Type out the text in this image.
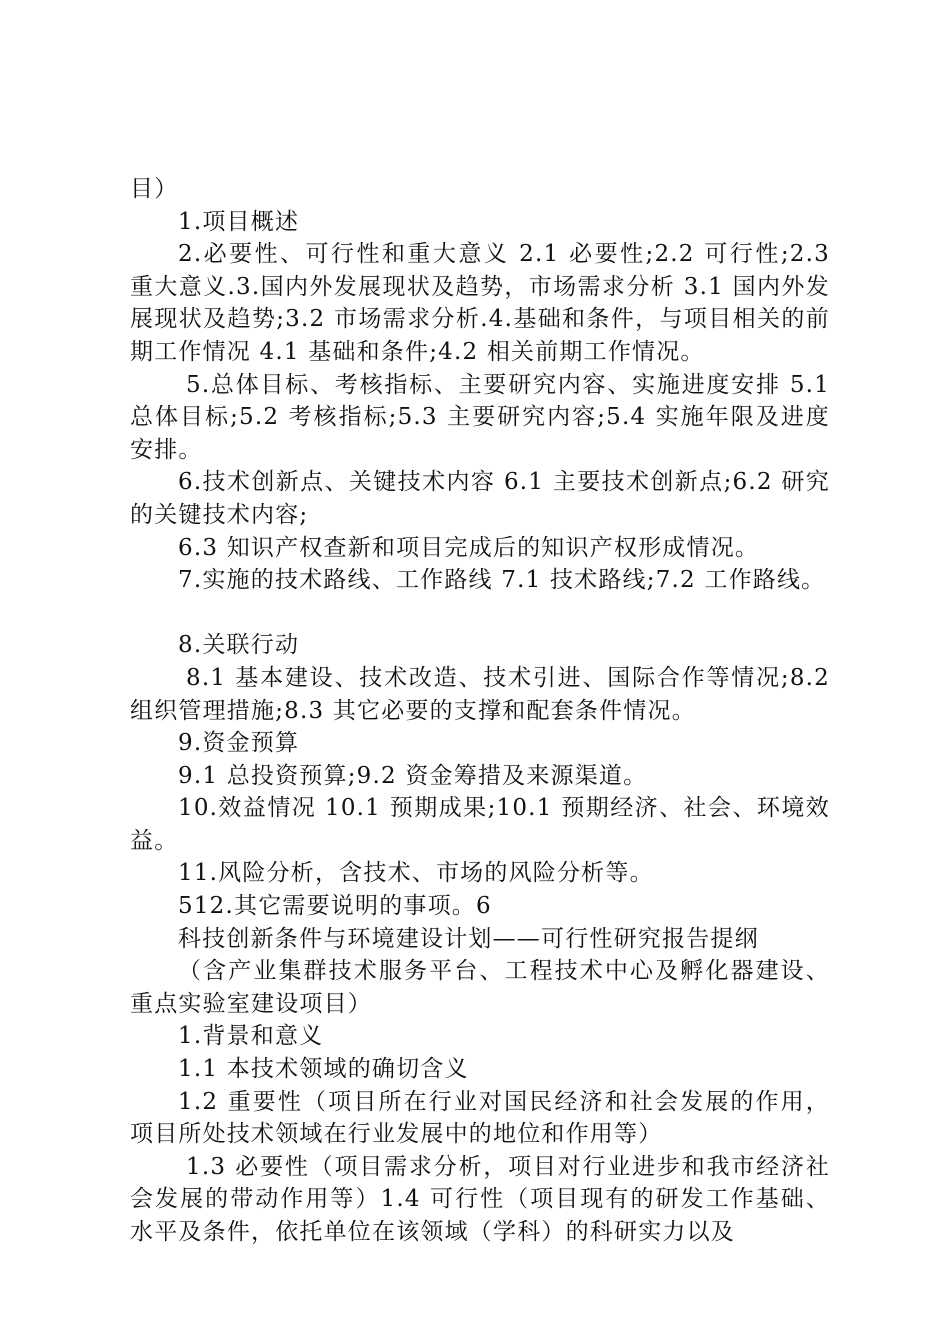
目）

1.项目概述

2.必要性、可行性和重大意义 2.1 必要性;2.2 可行性;2.3 重大意义.3.国内外发展现状及趋势，市场需求分析 3.1 国内外发展现状及趋势;3.2 市场需求分析.4.基础和条件，与项目相关的前期工作情况 4.1 基础和条件;4.2 相关前期工作情况。

5.总体目标、考核指标、主要研究内容、实施进度安排 5.1 总体目标;5.2 考核指标;5.3 主要研究内容;5.4 实施年限及进度安排。

6.技术创新点、关键技术内容 6.1 主要技术创新点;6.2 研究的关键技术内容;

6.3 知识产权查新和项目完成后的知识产权形成情况。

7.实施的技术路线、工作路线 7.1 技术路线;7.2 工作路线。

8.关联行动

8.1 基本建设、技术改造、技术引进、国际合作等情况;8.2 组织管理措施;8.3 其它必要的支撑和配套条件情况。

9.资金预算

9.1 总投资预算;9.2 资金筹措及来源渠道。

10.效益情况 10.1 预期成果;10.1 预期经济、社会、环境效益。

11.风险分析，含技术、市场的风险分析等。

512.其它需要说明的事项。6

科技创新条件与环境建设计划——可行性研究报告提纲

（含产业集群技术服务平台、工程技术中心及孵化器建设、重点实验室建设项目）

1.背景和意义

1.1 本技术领域的确切含义

1.2 重要性（项目所在行业对国民经济和社会发展的作用，项目所处技术领域在行业发展中的地位和作用等）

1.3 必要性（项目需求分析，项目对行业进步和我市经济社会发展的带动作用等）1.4 可行性（项目现有的研发工作基础、水平及条件，依托单位在该领域（学科）的科研实力以及
